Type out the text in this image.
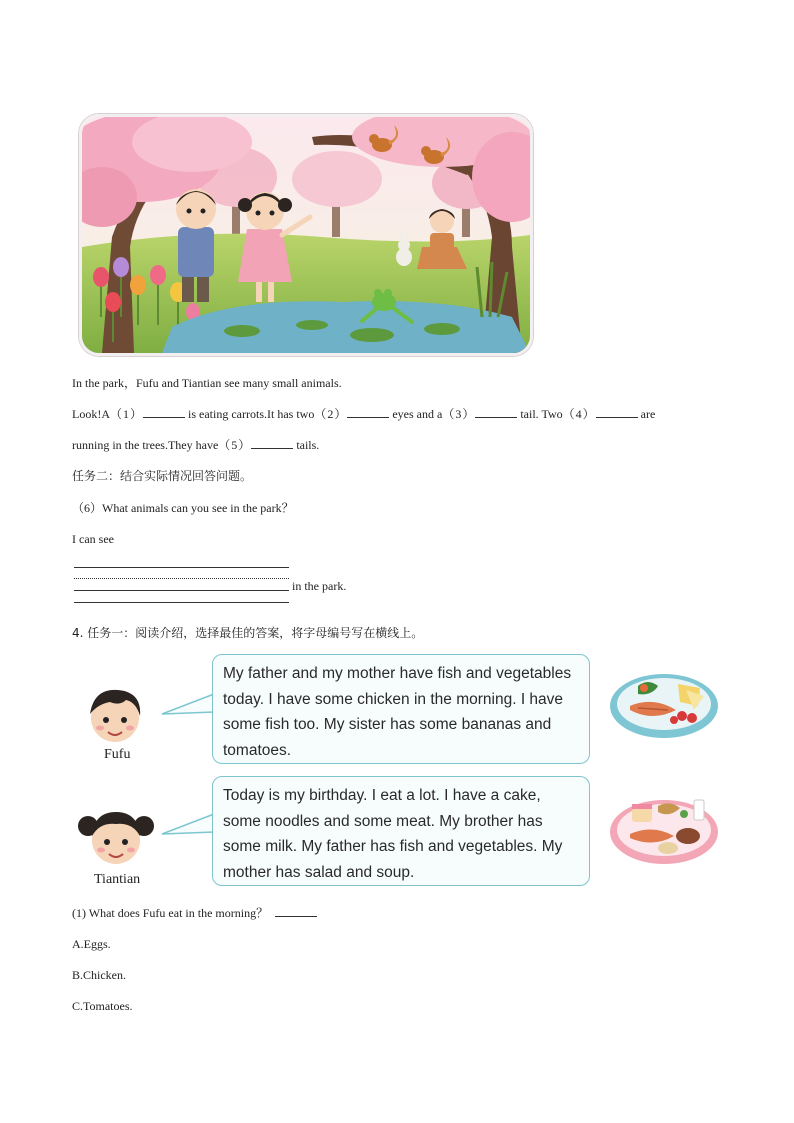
In the park，Fufu and Tiantian see many small animals.
Look!A（1）	is eating carrots.It has two（2）	eyes and a（3）	tail. Two（4）	are
running in the trees.They have（5）	tails.
任务二：结合实际情况回答问题。
（6）What animals can you see in the park？
I can see
in the park.
4. 任务一：阅读介绍，选择最佳的答案，将字母编号写在横线上。
Fufu
My father and my mother have fish and vegetables today. I have some chicken in the morning. I have some fish too. My sister has some bananas and tomatoes.
Tiantian
Today is my birthday. I eat a lot. I have a cake, some noodles and some meat. My brother has some milk. My father has fish and vegetables. My mother has salad and soup.
(1) What does Fufu eat in the morning？
A.Eggs.
B.Chicken.
C.Tomatoes.
